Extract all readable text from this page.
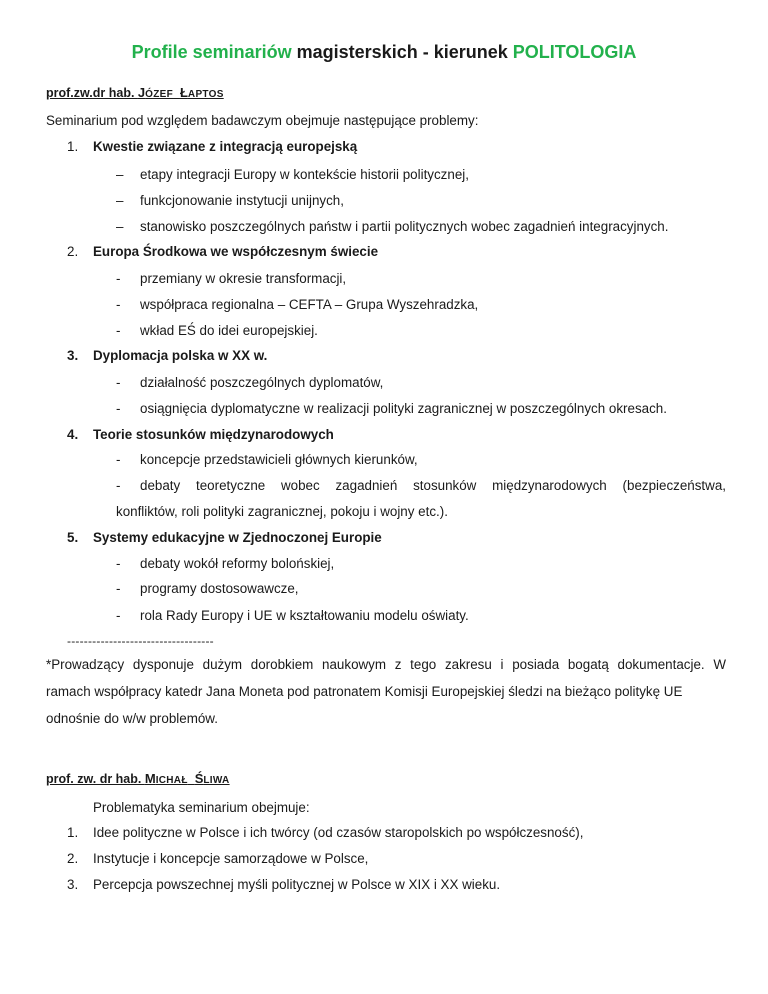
Profile seminariów magisterskich - kierunek POLITOLOGIA
prof.zw.dr hab. JÓZEF ŁAPTOS
Seminarium pod względem badawczym obejmuje następujące problemy:
1. Kwestie związane z integracją europejską
– etapy integracji Europy w kontekście historii politycznej,
– funkcjonowanie instytucji unijnych,
– stanowisko poszczególnych państw i partii politycznych wobec zagadnień integracyjnych.
2. Europa Środkowa we współczesnym świecie
- przemiany w okresie transformacji,
- współpraca regionalna – CEFTA – Grupa Wyszehradzka,
- wkład EŚ do idei europejskiej.
3. Dyplomacja polska w XX w.
- działalność poszczególnych dyplomatów,
- osiągnięcia dyplomatyczne w realizacji polityki zagranicznej w poszczególnych okresach.
4. Teorie stosunków międzynarodowych
- koncepcje przedstawicieli głównych kierunków,
- debaty teoretyczne wobec zagadnień stosunków międzynarodowych (bezpieczeństwa,
konfliktów, roli polityki zagranicznej, pokoju i wojny etc.).
5. Systemy edukacyjne w Zjednoczonej Europie
- debaty wokół reformy bolońskiej,
- programy dostosowawcze,
- rola Rady Europy i UE w kształtowaniu modelu oświaty.
-----------------------------------
*Prowadzący dysponuje dużym dorobkiem naukowym z tego zakresu i posiada bogatą dokumentacje. W
ramach współpracy katedr Jana Moneta pod patronatem Komisji Europejskiej śledzi na bieżąco politykę UE
odnośnie do w/w problemów.
prof. zw. dr hab. MICHAŁ ŚLIWA
Problematyka seminarium obejmuje:
1. Idee polityczne w Polsce i ich twórcy (od czasów staropolskich po współczesność),
2. Instytucje i koncepcje samorządowe w Polsce,
3. Percepcja powszechnej myśli politycznej w Polsce w XIX i XX wieku.
